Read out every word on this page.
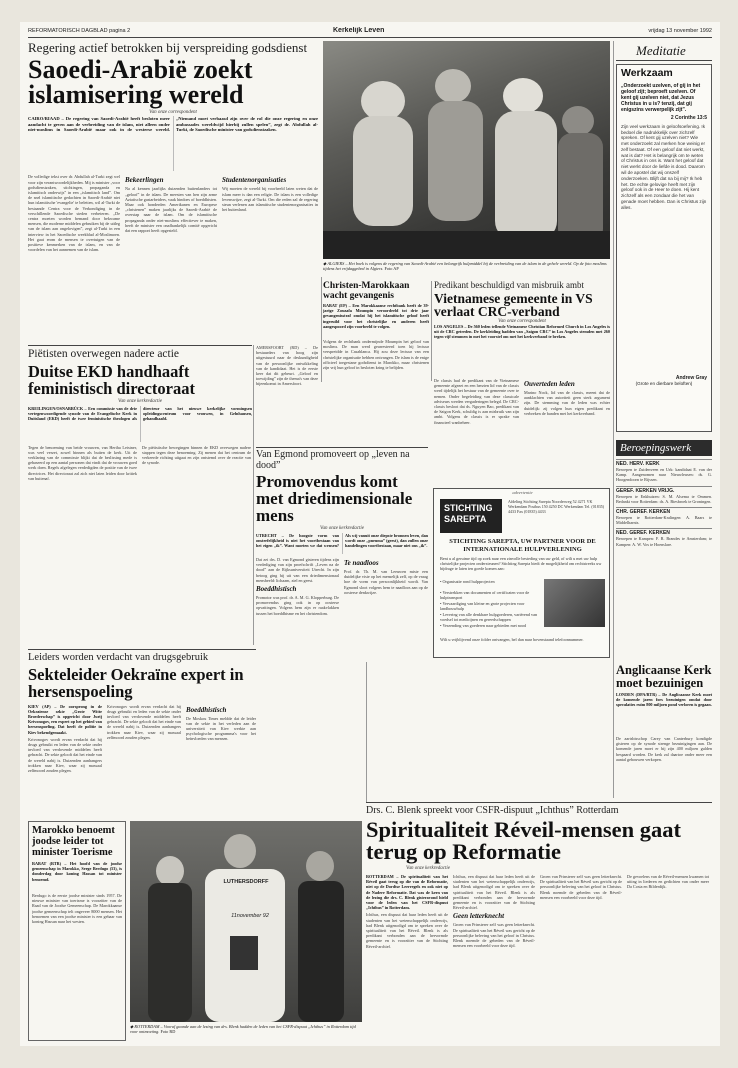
REFORMATORISCH DAGBLAD pagina 2	Kerkelijk Leven	vrijdag 13 november 1992
Regering actief betrokken bij verspreiding godsdienst
Saoedi-Arabië zoekt islamisering wereld
Van onze correspondent
CAIRO/RIAAD – De regering van Saoedi-Arabië heeft besloten meer aandacht te geven aan de verbreiding van de islam, niet alleen onder niet-moslims in Saoedi-Arabië maar ook in de westerse wereld. „Niemand moet verbaasd zijn over de rol die onze regering en onze ambassades wereldwijd hierbij zullen spelen”, zegt dr. Abdullah al-Turki, de Saoedische minister van godsdienstzaken.
De volledige tekst over dr. Abdullah al-Turki zegt wel voor zijn verantwoordelijkheden. Mij is minister „voor godsdienstzaken, stichtingen, propaganda en islamitisch onderwijs” in een „islamitisch land”. Om de snel islamitische gedachten in Saoedi-Arabië niet hun islamitische 'evangelie' te beletten, wil al-Turki de bestaande Centra voor de Verkondiging in de verschillende Saoedische steden verbeteren. „De centra moeten worden bemand door bekwame mensen, die moderne middelen gebruiken bij de uitleg van de islam aan ongelovigen”, zegt al-Turki in een interview in het Saoedische weekblad al-Moslimoen. Het gaat erom de mensen te overtuigen van de positieve kenmerken van de islam, en van de voordelen van het aannemen van de islam.
Bekeerlingen
Na al kennen jaarlijks duizenden buitenlanders tot „geloof” in de islam. De meesten van hen zijn arme Aziatische gastarbeiders, vaak hindoes of boeddhisten. Maar ook honderden Amerikanen en Europese „christenen” maken jaarlijks de Saoedi-Arabië de overstap naar de islam. Om de islamitische propaganda onder niet-moslims effectiever te maken, heeft de minister een onafhankelijk comité opgericht dat een rapport heeft opgesteld.
Studentenorganisaties
Wij moeten de wereld bij voorbeeld laten weten dat de islam meer is dan een religie. De islam is een volledige levenswijze, zegt al-Turki. Om die reden zal de regering steun verlenen aan islamitische studentenorganisaties in het buitenland.
◆ ALGIERS – Het boek is volgens de regering van Saoedi-Arabië een belangrijk hulpmiddel bij de verbreiding van de islam in de gehele wereld. Op de foto moslims tijdens het vrijdaggebed in Algiers. Foto AP
Christen-Marokkaan wacht gevangenis
RABAT (EP) – Een Marokkaanse rechtbank heeft de 39-jarige Zouzafa Moumpin veroordeeld tot drie jaar gevangenisstraf omdat hij het islamitische geloof heeft ingeruild voor het christelijke en anderen heeft aangespoord zijn voorbeeld te volgen.
Volgens de rechtbank ondermijnde Moumpin het geloof van moslims. De man werd gearresteerd toen hij lectuur verspreidde in Casablanca. Hij zou deze lectuur van een christelijke organisatie hebben ontvangen. De islam is de enige officieel toegestane godsdienst in Marokko, maar christenen zijn vrij hun geloof in besloten kring te belijden.
Predikant beschuldigd van misbruik ambt
Vietnamese gemeente in VS verlaat CRC-verband
Van onze correspondent
LOS ANGELES – De 560 leden tellende Vietnamese Christian Reformed Church in Los Angeles is uit de CRC getreden. De kerkleiding hadden van „Saigon CRC” in Los Angeles stemden met 260 tegen vijf stemmen in met het voorstel om met het kerkverband te breken.
De classis had de predikant van de Vietnamese gemeente afgezet en een herzien lid van de classis werd tijdelijk het bestuur van de gemeente over te nemen. Onder begeleiding van deze classicale adviseurs werden vergaderingen belegd. De CRC-classis besloot dat ds. Nguyen Bao, predikant van de Saigon Kerk, schuldig is aan misbruik van zijn ambt. Volgens de classis is er sprake van financieel wanbeheer.
Ouverteden leden
Marino Nock, lid van de classis, meent dat de aanklachten van autoriteit geen sterk argument zijn. De stemming van de leden was echter duidelijk: zij volgen hun eigen predikant en verbreken de banden met het kerkverband.
Piëtisten overwegen nadere actie
Duitse EKD handhaaft feministisch directoraat
Van onze kerkredactie
KREILINGEN/OSNABRÜCK – Een commissie van de drie vertegenwoordigende synode van de Evangelische Kerk in Duitsland (EKD) heeft de twee feministische theologen als directeur van het nieuwe kerkelijke vormingsen opleidingscentrum voor vrouwen, in Gelnhausen, gehandhaafd.
Tegen de benoeming van beide vrouwen, van Hertha Leistner, was veel verzet, zowel binnen als buiten de kerk. Uit de verklaring van de commissie blijkt dat de beslissing mede is gebaseerd op een aantal personen dat vindt dat de vrouwen goed werk doen. Regels afgelegen verdedigden de positie van de twee directrices. Het directoraat zal zich niet laten leiden door kritiek van buitenaf.
De piëtistische bewegingen binnen de EKD overwegen nadere stappen tegen deze benoeming. Zij menen dat het centrum de verkeerde richting uitgaat en zijn ontstemd over de reactie van de synode.
AMERSFOORT (RD) – De bestuurders van hoog zijn uitgestuurd naar de deskundigheid van de persoonlijke ontwikkeling van de kandidaat. Het is de eerste keer dat dit gebeurt. „Geloof en toewijding” zijn de thema's van deze bijeenkomst in Amersfoort.
Van Egmond promoveert op „leven na dood”
Promovendus komt met driedimensionale mens
Van onze kerkredactie
UTRECHT – De hoogste vorm van onsterfelijkheid is niet het voortbestaan van het eigen „ik”. Want moeten we dat wensen? Als wij vanuit onze diepste bronnen leven, dan wordt onze „pneuma” (geest), dan zullen onze handelingen voortbestaan, maar niet ons „ik”.
Dat zei drs. D. van Egmond gisteren tijdens zijn verdediging van zijn proefschrift „Leven na de dood” aan de Rijksuniversiteit Utrecht. In zijn betoog ging hij uit van een driedimensionaal mensbeeld: lichaam, ziel en geest.
Boeddhistisch
Promotor was prof. dr. A. M. G. Klopperburg. De promovendus ging ook in op oosterse opvattingen. Volgens hem zijn er raakvlakken tussen het boeddhisme en het christendom.
Te naadloos
Prof. dr. Th. M. van Leeuwen miste een duidelijke visie op het menselijk zelf, op de vraag hoe de vorm van persoonlijkheid wordt. Van Egmond sloot volgens hem te naadloos aan op de oosterse denkwijze.
advertentie
STICHTING
SAREPTA
Afdeling Stichting Sarepta Noorderweg 52 4271 VK Werkendam Postbus 150 4250 DC Werkendam Tel. (01835) 4433 Fax (01835) 4433
STICHTING SAREPTA, UW PARTNER VOOR DE INTERNATIONALE HULPVERLENING
Bent u al geruime tijd op zoek naar een zinvolle besteding van uw geld, of wilt u met uw hulp christelijke projecten ondersteunen? Stichting Sarepta biedt de mogelijkheid om rechtstreeks uw bijdrage te laten ten goede komen aan:
• Organisatie rond hulpprojecten
• Verstrekken van documenten of certificaten voor de hulptransport
• Vervaardiging van kleine en grote projecten voor landbouwhulp
• Levering van alle denkbare hulpgoederen, variërend van voedsel tot medicijnen en gereedschappen
• Verzending van goederen naar gebieden met nood
Wilt u vrijblijvend onze folder ontvangen, bel dan naar bovenstaand telefoonnummer.
Leiders worden verdacht van drugsgebruik
Sekteleider Oekraïne expert in hersenspoeling
KIEV (AP) – De oorsprong in de Oekraïense sekte „Grote Witte Broederschap” is opgericht door Jurij Krivonogov, een expert op het gebied van hersenspoeling. Dat heeft de politie in Kiev bekendgemaakt.
Krivonogov wordt ervan verdacht dat hij drugs gebruikt en leden van de sekte onder invloed van verdovende middelen heeft gebracht. De sekte gelooft dat het einde van de wereld nabij is. Duizenden aanhangers trokken naar Kiev, waar zij massaal zelfmoord zouden plegen.
Krivonogov wordt ervan verdacht dat hij drugs gebruikt en leden van de sekte onder invloed van verdovende middelen heeft gebracht. De sekte gelooft dat het einde van de wereld nabij is. Duizenden aanhangers trokken naar Kiev, waar zij massaal zelfmoord zouden plegen.
Boeddhistisch
De Moskou Times meldde dat de leider van de sekte in het verleden aan de universiteit van Kiev werkte aan psychologische programma's voor het beïnvloeden van mensen.
Marokko benoemt joodse leider tot minister Toerisme
RABAT (RTR) – Het hoofd van de joodse gemeenschap in Marokko, Serge Berdugo (53), is donderdag door koning Hassan tot minister benoemd.
Berdugo is de eerste joodse minister sinds 1957. De nieuwe minister van toerisme is voorzitter van de Raad van de Joodse Gemeenschap. De Marokkaanse joodse gemeenschap telt ongeveer 8000 mensen. Het benoemen van een joodse minister is een gebaar van koning Hassan naar het westen.
LUTHERSDORFF
11november 92
◆ ROTTERDAM – Vooraf gaande aan de lezing van drs. Blenk hadden de leden van het CSFR-dispuut „Ichthus” in Rotterdam tijd voor ontmoeting. Foto RD
Drs. C. Blenk spreekt voor CSFR-dispuut „Ichthus” Rotterdam
Spiritualiteit Réveil-mensen gaat terug op Reformatie
Van onze kerkredactie
ROTTERDAM – De spiritualiteit van het Réveil gaat terug op die van de Reformatie, niet op de Dordtse Leerregels en ook niet op de Nadere Reformatie. Dat was de kern van de lezing die drs. C. Blenk gisteravond hield voor de leden van het CSFR-dispuut „Ichthus” in Rotterdam.
Ichthus, een dispuut dat haar leden heeft uit de studenten van het wetenschappelijk onderwijs, had Blenk uitgenodigd om te spreken over de spiritualiteit van het Réveil. Blenk is als predikant verbonden aan de hervormde gemeente en is voorzitter van de Stichting Réveil-archief.
Ichthus, een dispuut dat haar leden heeft uit de studenten van het wetenschappelijk onderwijs, had Blenk uitgenodigd om te spreken over de spiritualiteit van het Réveil. Blenk is als predikant verbonden aan de hervormde gemeente en is voorzitter van de Stichting Réveil-archief.
Geen letterknecht
Groen van Prinsterer zelf was geen letterknecht. De spiritualiteit van het Réveil was gericht op de persoonlijke beleving van het geloof in Christus. Blenk noemde de gebeden van de Réveil-mensen een voorbeeld voor deze tijd.
Groen van Prinsterer zelf was geen letterknecht. De spiritualiteit van het Réveil was gericht op de persoonlijke beleving van het geloof in Christus. Blenk noemde de gebeden van de Réveil-mensen een voorbeeld voor deze tijd.
De gevoelens van de Réveil-mensen kwamen tot uiting in liederen en gedichten van onder meer Da Costa en Bilderdijk.
Meditatie
Werkzaam
„Onderzoekt uzelven, of gij in het geloof zijt; beproeft uzelven. Of kent gij uzelven niet, dat Jezus Christus in u is? tenzij, dat gij enigszins verwerpelijk zijt”.
2 Corinthe 13:5
Zijn veel werkzaam in geloofsoefening. Ik bedoel die nadrukkelijk over zichzelf spreken. Of kent gij uzelven niet? Wie met onderzoekt zal merken hoe weinig er zelf bestaat. Of een geloof dat niet werkt, wat is dat? Het is belangrijk om te weten of Christus in ons is. Want het geloof dat niet werkt door de liefde is dood. Daarom wil de apostel dat wij onszelf onderzoeken. Blijft dat na bij mij? Ik heb het. De echte gelovige heeft met zijn geloof ook in de Heer te doen. Hij kent zichzelf als een zondaar die het van genade moet hebben. Dan is Christus zijn alles.
Andrew Gray
(Grote en dierbare beloften)
Beroepingswerk
NED. HERV. KERK
Beroepen te Zuidenveen en Urk: kandidaat E. van der Kamp. Aangenomen naar Nieuwleusen: ds. G. Hoogendoorn te Rijssen.
GEREF. KERKEN VRIJG.
Beroepen te Enkhuizen: S. M. Alsema te Ommen. Bedankt voor Rotterdam: ds. A. Biesbroek te Groningen.
CHR. GEREF. KERKEN
Beroepen te Rotterdam-Kralingen: A. Baars te Middelharnis.
NED. GEREF. KERKEN
Beroepen te Kampen: F. R. Brandes te Amsterdam; te Kampen: A. W. Vos te Hoenslare.
Anglicaanse Kerk moet bezuinigen
LONDEN (DPA/RTR) – De Anglicaanse Kerk moet de komende jaren fors bezuinigen omdat door speculaties ruim 800 miljoen pond verloren is gegaan.
De aartsbisschop Carey van Canterbury kondigde gisteren op de synode strenge bezuinigingen aan. De komende jaren moet er bij zijn 400 miljoen gulden bespaard worden. De kerk zal daartoe onder meer een aantal gebouwen verkopen.
